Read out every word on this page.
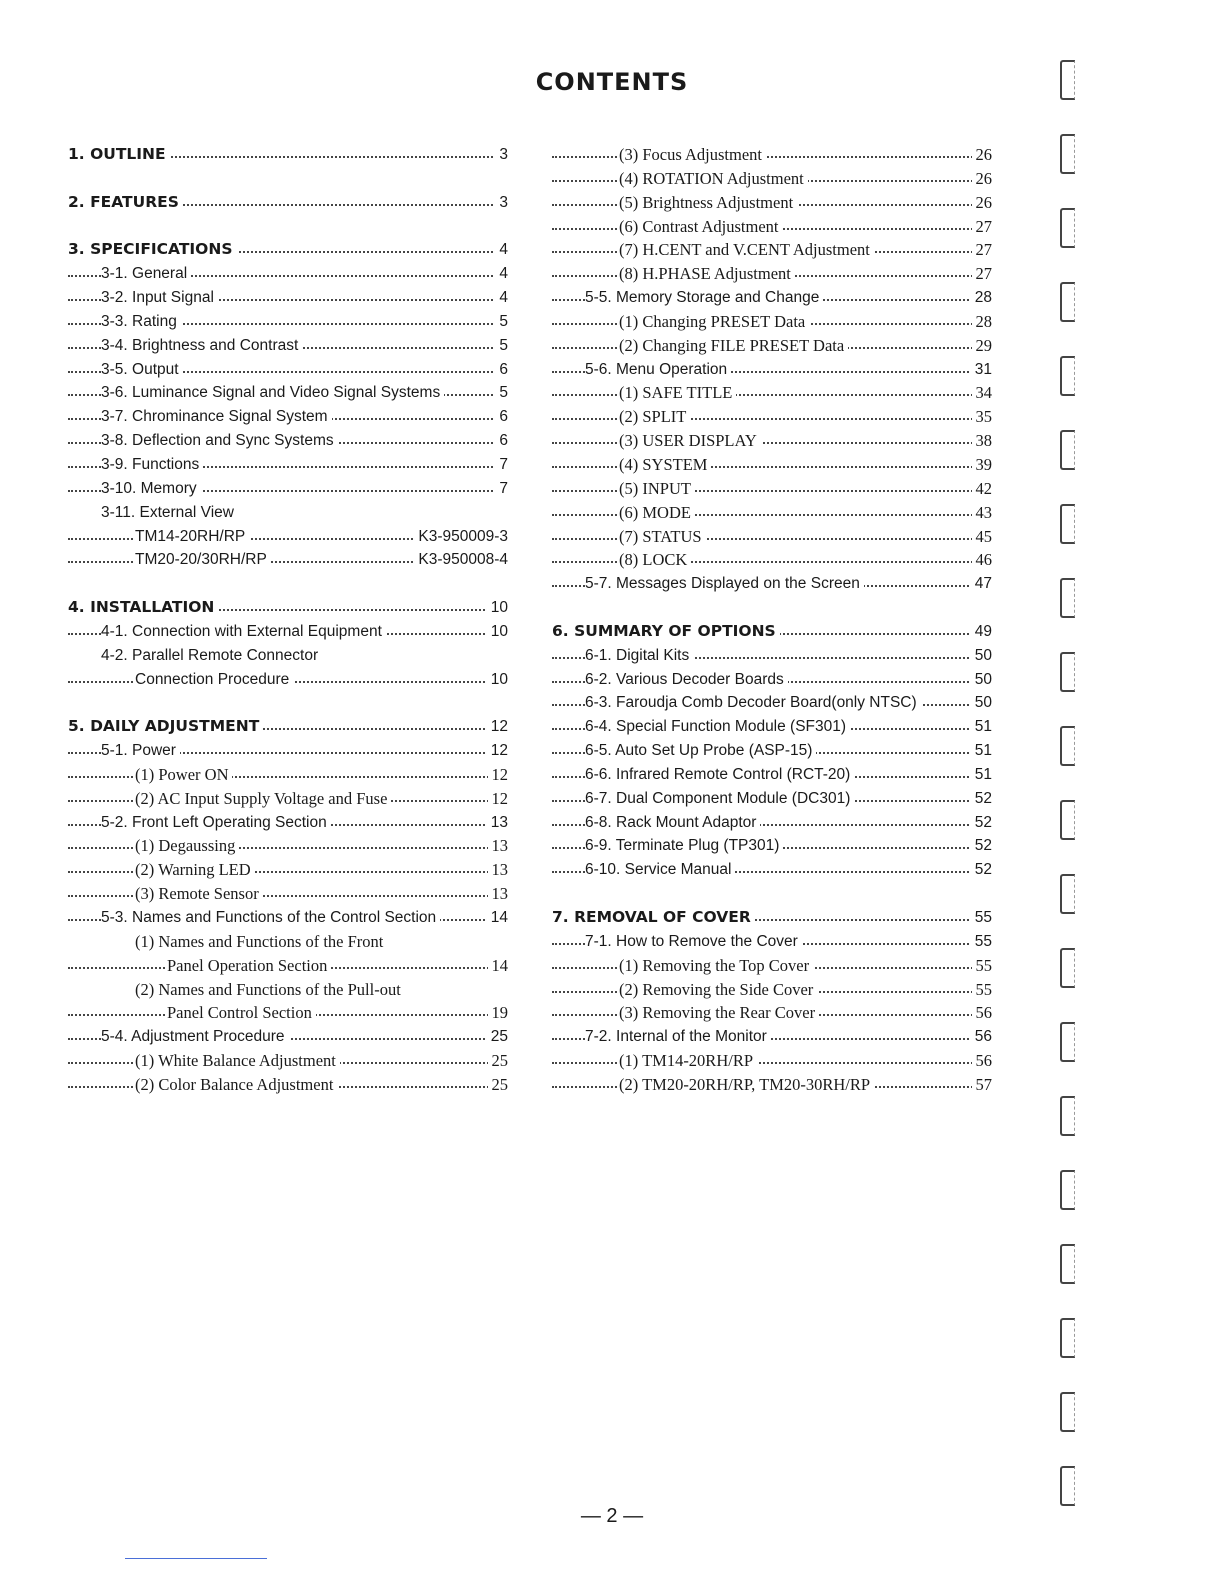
CONTENTS
1. OUTLINE	3
2. FEATURES	3
3. SPECIFICATIONS	4
3-1. General	4
3-2. Input Signal	4
3-3. Rating	5
3-4. Brightness and Contrast	5
3-5. Output	6
3-6. Luminance Signal and Video Signal Systems	5
3-7. Chrominance Signal System	6
3-8. Deflection and Sync Systems	6
3-9. Functions	7
3-10. Memory	7
3-11. External View
TM14-20RH/RP	K3-950009-3
TM20-20/30RH/RP	K3-950008-4
4. INSTALLATION	10
4-1. Connection with External Equipment	10
4-2. Parallel Remote Connector
Connection Procedure	10
5. DAILY ADJUSTMENT	12
5-1. Power	12
(1) Power ON	12
(2) AC Input Supply Voltage and Fuse	12
5-2. Front Left Operating Section	13
(1) Degaussing	13
(2) Warning LED	13
(3) Remote Sensor	13
5-3. Names and Functions of the Control Section	14
(1) Names and Functions of the Front
Panel Operation Section	14
(2) Names and Functions of the Pull-out
Panel Control Section	19
5-4. Adjustment Procedure	25
(1) White Balance Adjustment	25
(2) Color Balance Adjustment	25
(3) Focus Adjustment	26
(4) ROTATION Adjustment	26
(5) Brightness Adjustment	26
(6) Contrast Adjustment	27
(7) H.CENT and V.CENT Adjustment	27
(8) H.PHASE Adjustment	27
5-5. Memory Storage and Change	28
(1) Changing PRESET Data	28
(2) Changing FILE PRESET Data	29
5-6. Menu Operation	31
(1) SAFE TITLE	34
(2) SPLIT	35
(3) USER DISPLAY	38
(4) SYSTEM	39
(5) INPUT	42
(6) MODE	43
(7) STATUS	45
(8) LOCK	46
5-7. Messages Displayed on the Screen	47
6. SUMMARY OF OPTIONS	49
6-1. Digital Kits	50
6-2. Various Decoder Boards	50
6-3. Faroudja Comb Decoder Board(only NTSC)	50
6-4. Special Function Module (SF301)	51
6-5. Auto Set Up Probe (ASP-15)	51
6-6. Infrared Remote Control (RCT-20)	51
6-7. Dual Component Module (DC301)	52
6-8. Rack Mount Adaptor	52
6-9. Terminate Plug (TP301)	52
6-10. Service Manual	52
7. REMOVAL OF COVER	55
7-1. How to Remove the Cover	55
(1) Removing the Top Cover	55
(2) Removing the Side Cover	55
(3) Removing the Rear Cover	56
7-2. Internal of the Monitor	56
(1) TM14-20RH/RP	56
(2) TM20-20RH/RP, TM20-30RH/RP	57
— 2 —
